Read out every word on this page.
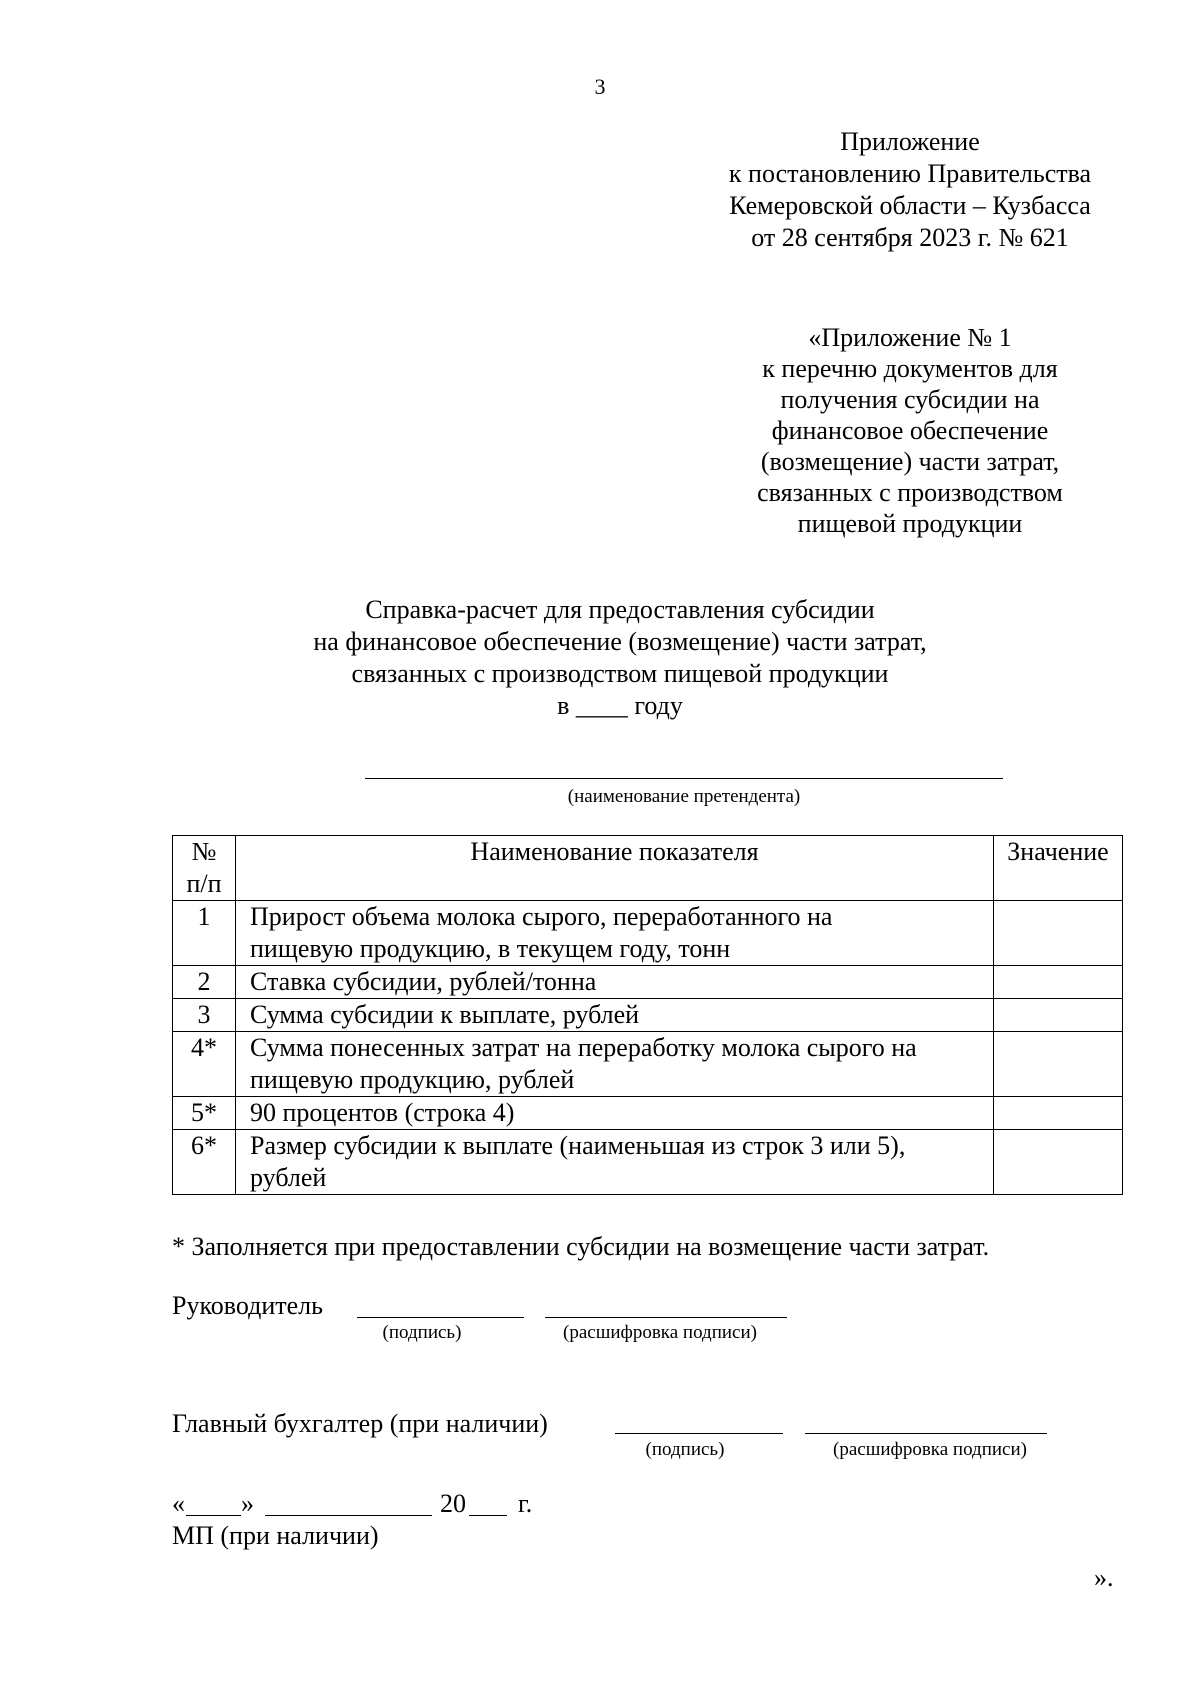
3
Приложение
к постановлению Правительства
Кемеровской области – Кузбасса
от 28 сентября 2023 г. № 621
«Приложение № 1
к перечню документов для
получения субсидии на
финансовое обеспечение
(возмещение) части затрат,
связанных с производством
пищевой продукции
Справка-расчет для предоставления субсидии
на финансовое обеспечение (возмещение) части затрат,
связанных с производством пищевой продукции
в ____ году
(наименование претендента)
№
п/п	Наименование показателя	Значение
1	Прирост объема молока сырого, переработанного на
пищевую продукцию, в текущем году, тонн	

2	Ставка субсидии, рублей/тонна	

3	Сумма субсидии к выплате, рублей	

4*	Сумма понесенных затрат на переработку молока сырого на
пищевую продукцию, рублей	

5*	90 процентов (строка 4)	

6*	Размер субсидии к выплате (наименьшая из строк 3 или 5),
рублей	

* Заполняется при предоставлении субсидии на возмещение части затрат.
Руководитель
(подпись)	(расшифровка подписи)
Главный бухгалтер (при наличии)
(подпись)	(расшифровка подписи)
« »	20 г.
МП (при наличии)
».
